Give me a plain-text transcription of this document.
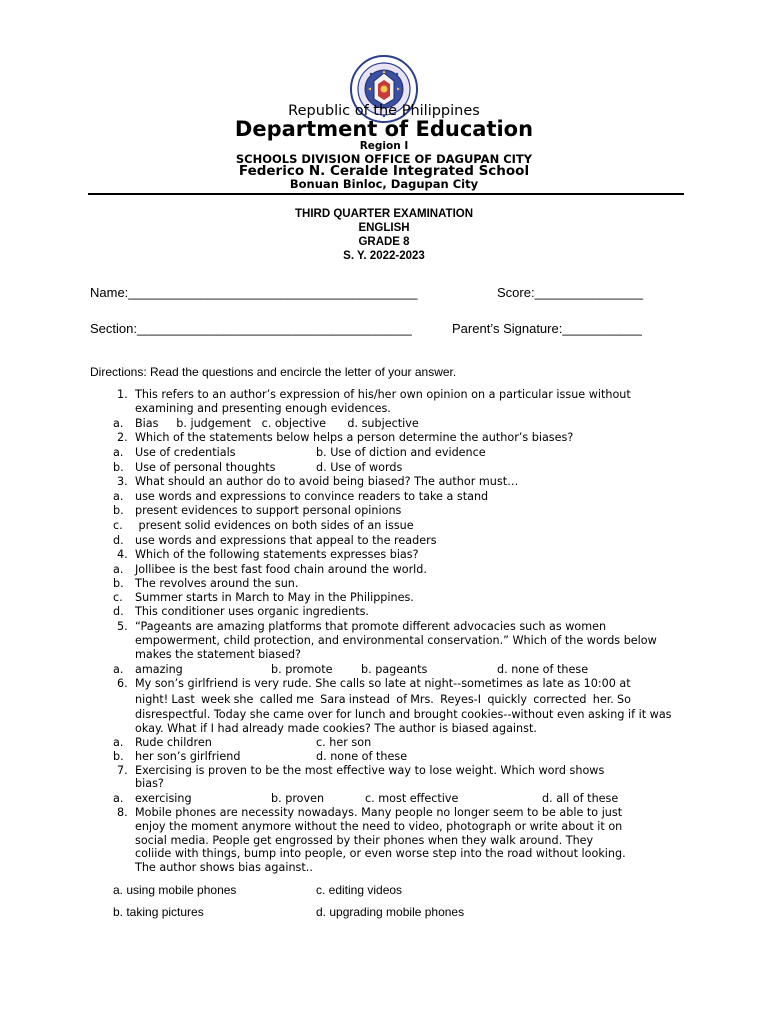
Republic of the Philippines
Department of Education
Region I
SCHOOLS DIVISION OFFICE OF DAGUPAN CITY
Federico N. Ceralde Integrated School
Bonuan Binloc, Dagupan City
THIRD QUARTER EXAMINATION
ENGLISH
GRADE 8
S. Y. 2022-2023
Name:________________________________________	Score:_______________
Section:______________________________________	Parent’s Signature:___________
Directions: Read the questions and encircle the letter of your answer.
1. This refers to an author’s expression of his/her own opinion on a particular issue without
examining and presenting enough evidences.
a. Bias     b. judgement   c. objective      d. subjective
2. Which of the statements below helps a person determine the author’s biases?
a. Use of credentials	b. Use of diction and evidence
b. Use of personal thoughts	d. Use of words
3. What should an author do to avoid being biased? The author must…
a. use words and expressions to convince readers to take a stand
b. present evidences to support personal opinions
c. present solid evidences on both sides of an issue
d. use words and expressions that appeal to the readers
4. Which of the following statements expresses bias?
a. Jollibee is the best fast food chain around the world.
b. The revolves around the sun.
c. Summer starts in March to May in the Philippines.
d. This conditioner uses organic ingredients.
5. “Pageants are amazing platforms that promote different advocacies such as women
empowerment, child protection, and environmental conservation.” Which of the words below
makes the statement biased?
a. amazing	b. promote	b. pageants	d. none of these
6. My son’s girlfriend is very rude. She calls so late at night--sometimes as late as 10:00 at
night! Last  week she  called me  Sara instead  of Mrs.  Reyes-I  quickly  corrected  her. So
disrespectful. Today she came over for lunch and brought cookies--without even asking if it was
okay. What if I had already made cookies? The author is biased against.
a. Rude children	c. her son
b. her son’s girlfriend	d. none of these
7. Exercising is proven to be the most effective way to lose weight. Which word shows
bias?
a. exercising	b. proven	c. most effective	d. all of these
8. Mobile phones are necessity nowadays. Many people no longer seem to be able to just
enjoy the moment anymore without the need to video, photograph or write about it on
social media. People get engrossed by their phones when they walk around. They
coliide with things, bump into people, or even worse step into the road without looking.
The author shows bias against..
a. using mobile phones	c. editing videos
b. taking pictures	d. upgrading mobile phones
